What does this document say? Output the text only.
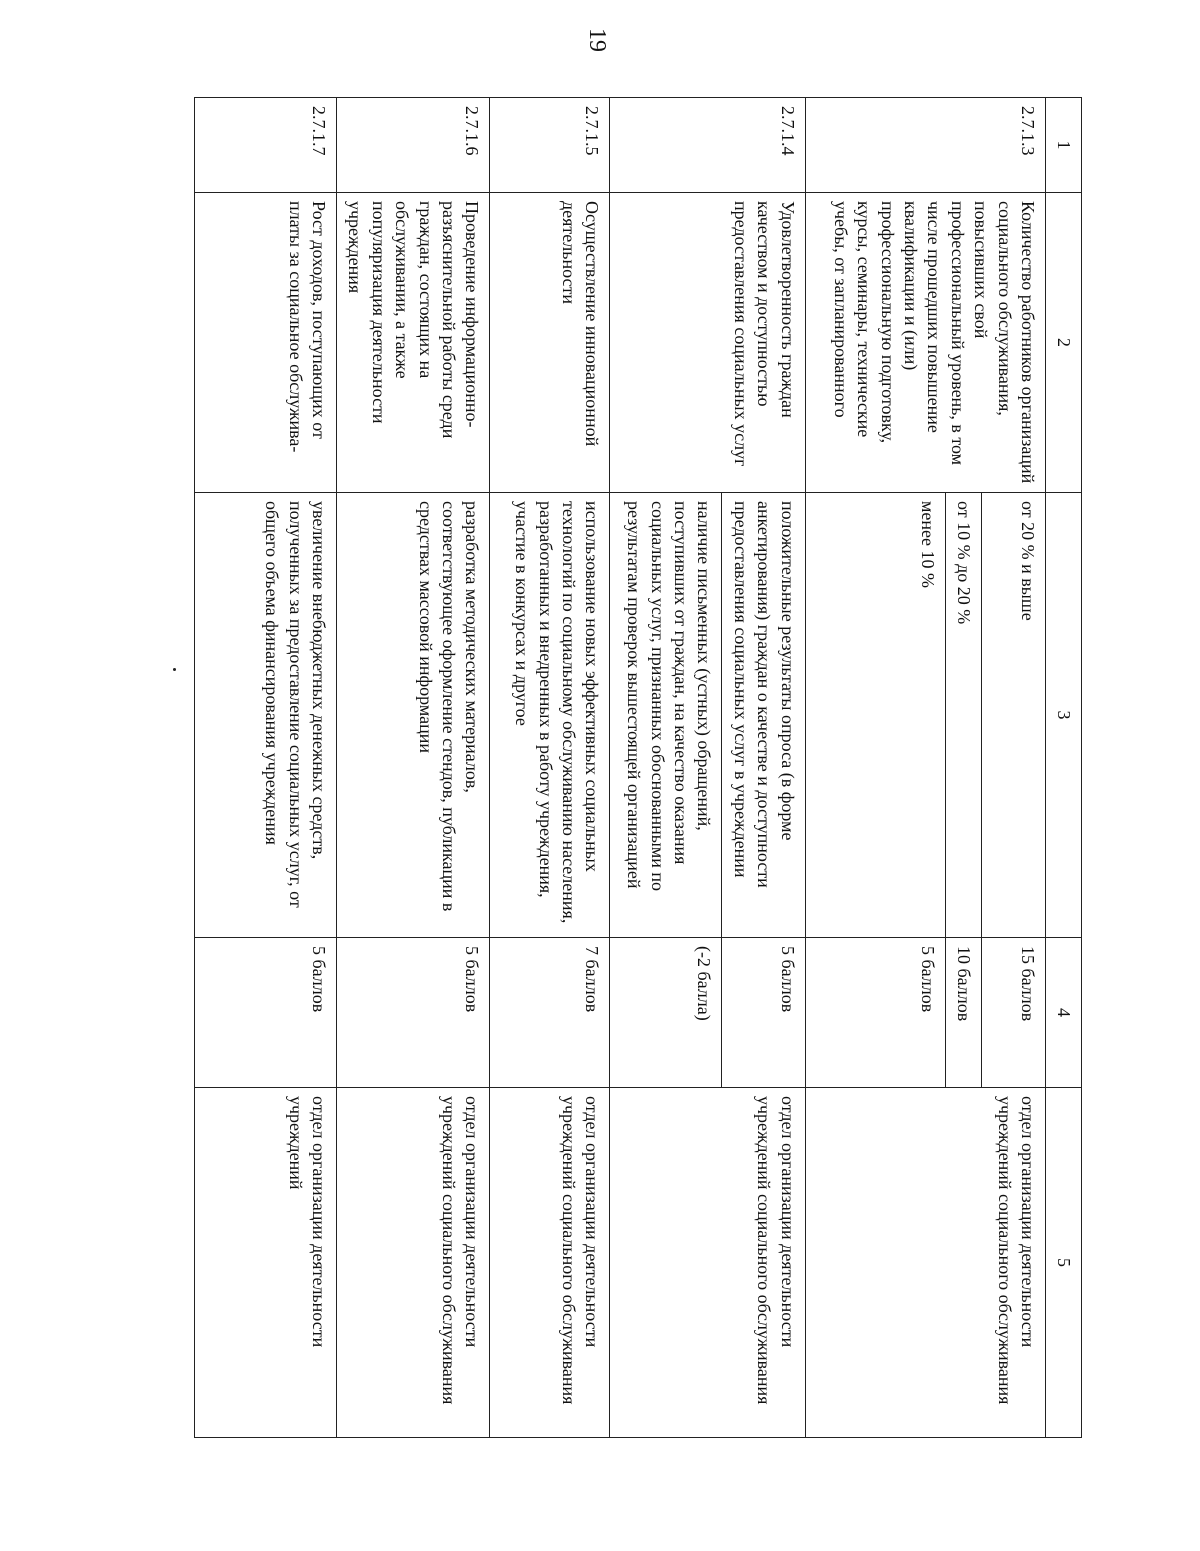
19
1	2	3	4	5
2.7.1.3	Количество работников организаций социального обслуживания, повысивших свой профессиональный уровень, в том числе прошедших повышение квалификации и (или) профессиональную подготовку, курсы, семинары, технические учебы, от запланированного	от 20 % и выше	15 баллов	отдел организации деятельности учреждений социального обслуживания
		от 10 % до 20 %	10 баллов	
		менее 10 %	5 баллов	
2.7.1.4	Удовлетворенность граждан качеством и доступностью предоставления социальных услуг	положительные результаты опроса (в форме анкетирования) граждан о качестве и доступности предоставления социальных услуг в учреждении	5 баллов	отдел организации деятельности учреждений социального обслуживания
		наличие письменных (устных) обращений, поступивших от граждан, на качество оказания социальных услуг, признанных обоснованными по результатам проверок вышестоящей организацией	(-2 балла)	
2.7.1.5	Осуществление инновационной деятельности	использование новых эффективных социальных технологий по социальному обслуживанию населения, разработанных и внедренных в работу учреждения, участие в конкурсах и другое	7 баллов	отдел организации деятельности учреждений социального обслуживания
2.7.1.6	Проведение информационно-разъяснительной работы среди граждан, состоящих на обслуживании, а также популяризация деятельности учреждения	разработка методических материалов, соответствующее оформление стендов, публикации в средствах массовой информации	5 баллов	отдел организации деятельности учреждений социального обслуживания
2.7.1.7	Рост доходов, поступающих от платы за социальное обслужива-	увеличение внебюджетных денежных средств, полученных за предоставление социальных услуг, от общего объема финансирования учреждения	5 баллов	отдел организации деятельности учреждений
